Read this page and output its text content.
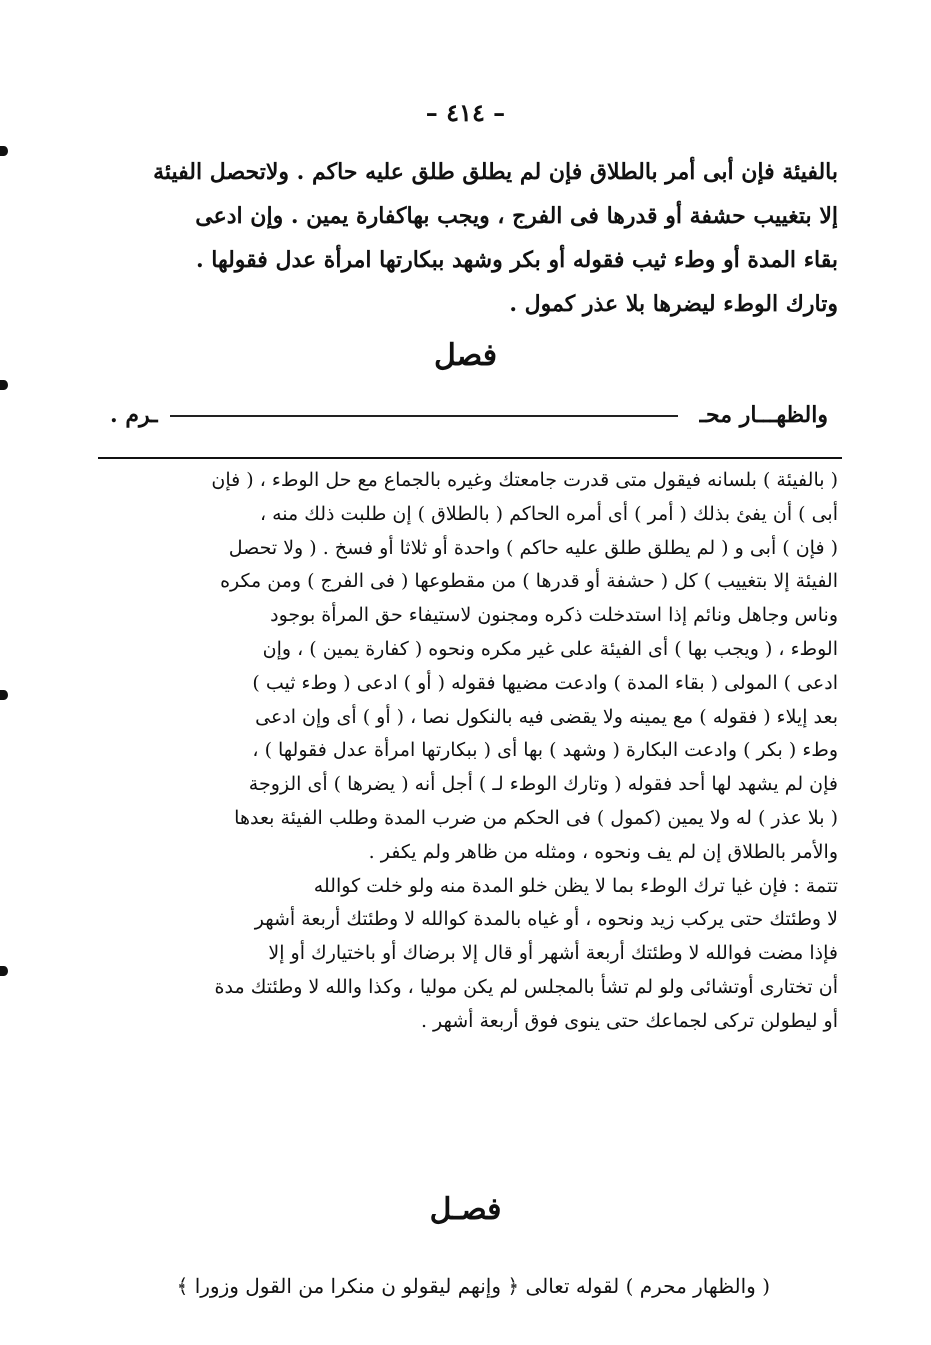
– ٤١٤ –
بالفيئة فإن أبى أمر بالطلاق فإن لم يطلق طلق عليه حاكم . ولاتحصل الفيئة
إلا بتغييب حشفة أو قدرها فى الفرج ، ويجب بهاكفارة يمين . وإن ادعى
بقاء المدة أو وطء ثيب فقوله أو بكر وشهد ببكارتها امرأة عدل فقولها .
وتارك الوطء ليضرها بلا عذر كمول .
فصل
والظهـــار محـ
ـرم .
( بالفيئة ) بلسانه فيقول متى قدرت جامعتك وغيره بالجماع مع حل الوطء ، ( فإن
أبى ) أن يفئ بذلك ( أمر ) أى أمره الحاكم ( بالطلاق ) إن طلبت ذلك منه ،
( فإن ) أبى و ( لم يطلق طلق عليه حاكم ) واحدة أو ثلاثا أو فسخ . ( ولا تحصل
الفيئة إلا بتغييب ) كل ( حشفة أو قدرها ) من مقطوعها ( فى الفرج ) ومن مكره
وناس وجاهل ونائم إذا استدخلت ذكره ومجنون لاستيفاء حق المرأة بوجود
الوطء ، ( ويجب بها ) أى الفيئة على غير مكره ونحوه ( كفارة يمين ) ، وإن
ادعى ) المولى ( بقاء المدة ) وادعت مضيها فقوله ( أو ) ادعى ( وطء ثيب )
بعد إيلاء ( فقوله ) مع يمينه ولا يقضى فيه بالنكول نصا ، ( أو ) أى وإن ادعى
وطء ( بكر ) وادعت البكارة ( وشهد ) بها أى ( ببكارتها امرأة عدل فقولها ) ،
فإن لم يشهد لها أحد فقوله ( وتارك الوطء لـ ) أجل أنه ( يضرها ) أى الزوجة
( بلا عذر ) له ولا يمين (كمول ) فى الحكم من ضرب المدة وطلب الفيئة بعدها
والأمر بالطلاق إن لم يف ونحوه ، ومثله من ظاهر ولم يكفر .
تتمة : فإن غيا ترك الوطء بما لا يظن خلو المدة منه ولو خلت كوالله
لا وطئتك حتى يركب زيد ونحوه ، أو غياه بالمدة كوالله لا وطئتك أربعة أشهر
فإذا مضت فوالله لا وطئتك أربعة أشهر أو قال إلا برضاك أو باختيارك أو إلا
أن تختارى أوتشائى ولو لم تشأ بالمجلس لم يكن موليا ، وكذا والله لا وطئتك مدة
أو ليطولن تركى لجماعك حتى ينوى فوق أربعة أشهر .
فصـل
( والظهار محرم ) لقوله تعالى ﴿ وإنهم ليقولو ن منكرا من القول وزورا ﴾
